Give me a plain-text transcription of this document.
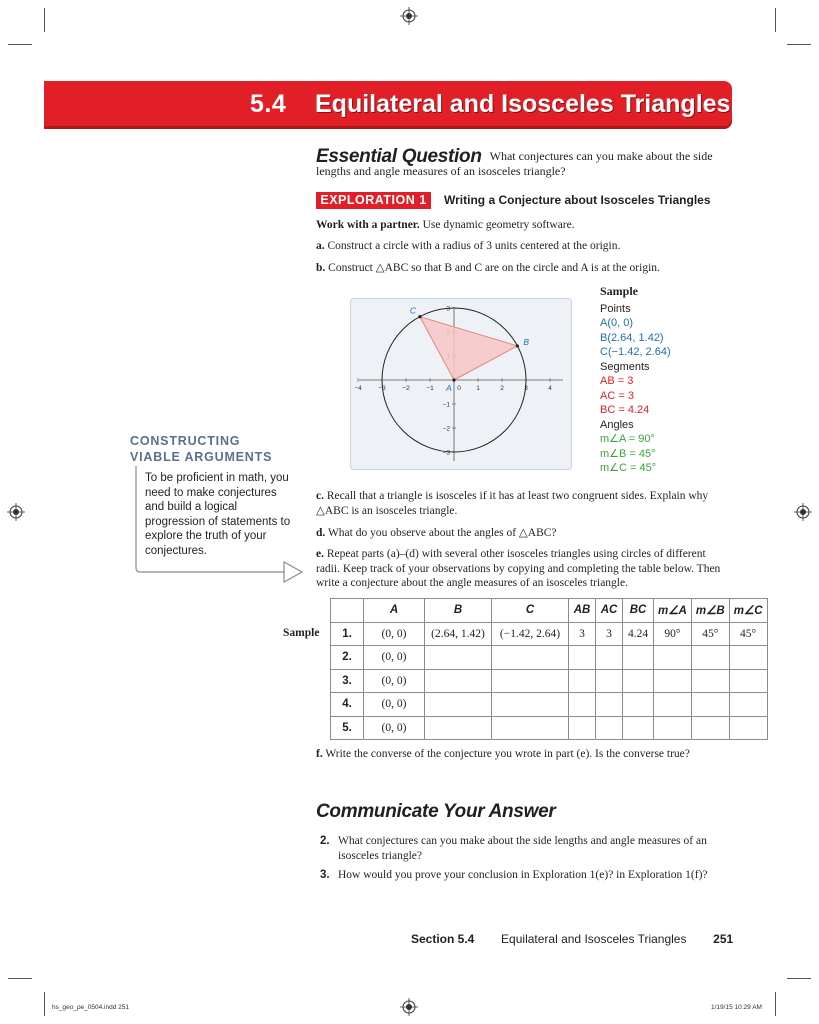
5.4 Equilateral and Isosceles Triangles
Essential Question What conjectures can you make about the side lengths and angle measures of an isosceles triangle?
EXPLORATION 1	Writing a Conjecture about Isosceles Triangles
Work with a partner. Use dynamic geometry software.
a. Construct a circle with a radius of 3 units centered at the origin.
b. Construct △ABC so that B and C are on the circle and A is at the origin.
−4	−3	−2	−1	0 1	2	3	4
3
−1
−2
−3
A
B
C
Sample
Points
A(0, 0)
B(2.64, 1.42)
C(−1.42, 2.64)
Segments
AB = 3
AC = 3
BC = 4.24
Angles
m∠A = 90°
m∠B = 45°
m∠C = 45°
CONSTRUCTING
VIABLE ARGUMENTS
To be proficient in math, you need to make conjectures and build a logical progression of statements to explore the truth of your conjectures.
c. Recall that a triangle is isosceles if it has at least two congruent sides. Explain why △ABC is an isosceles triangle.
d. What do you observe about the angles of △ABC?
e. Repeat parts (a)–(d) with several other isosceles triangles using circles of different radii. Keep track of your observations by copying and completing the table below. Then write a conjecture about the angle measures of an isosceles triangle.
Sample
	A	B	C	AB	AC	BC	m∠A	m∠B	m∠C
1.	(0, 0)	(2.64, 1.42)	(−1.42, 2.64)	3	3	4.24	90°	45°	45°
2.	(0, 0)								
3.	(0, 0)								
4.	(0, 0)								
5.	(0, 0)								
f. Write the converse of the conjecture you wrote in part (e). Is the converse true?
Communicate Your Answer
2. What conjectures can you make about the side lengths and angle measures of an isosceles triangle?
3. How would you prove your conclusion in Exploration 1(e)? in Exploration 1(f)?
Section 5.4 Equilateral and Isosceles Triangles 251
hs_geo_pe_0504.indd 251	1/19/15 10:29 AM
